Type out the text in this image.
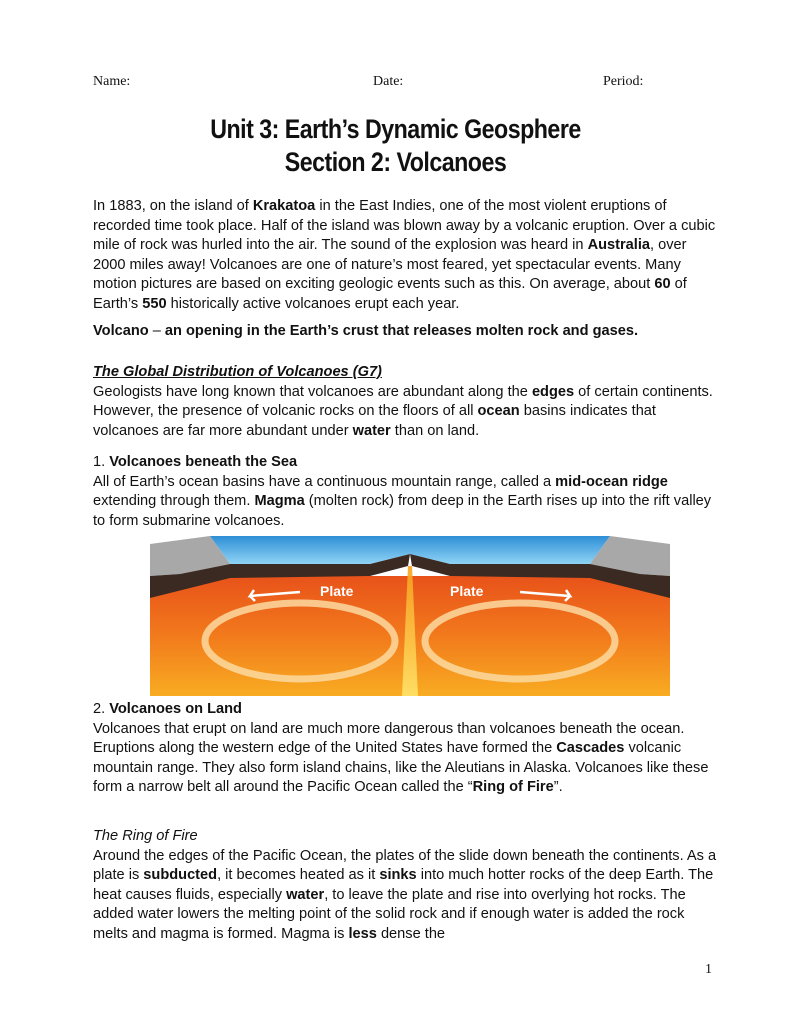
Name:	Date:	Period:
Unit 3: Earth’s Dynamic Geosphere
Section 2: Volcanoes

In 1883, on the island of Krakatoa in the East Indies, one of the most violent eruptions of recorded time took place. Half of the island was blown away by a volcanic eruption. Over a cubic mile of rock was hurled into the air. The sound of the explosion was heard in Australia, over 2000 miles away! Volcanoes are one of nature’s most feared, yet spectacular events. Many motion pictures are based on exciting geologic events such as this. On average, about 60 of Earth’s 550 historically active volcanoes erupt each year.

Volcano – an opening in the Earth’s crust that releases molten rock and gases.

The Global Distribution of Volcanoes (G7)

Geologists have long known that volcanoes are abundant along the edges of certain continents. However, the presence of volcanic rocks on the floors of all ocean basins indicates that volcanoes are far more abundant under water than on land.

1. Volcanoes beneath the Sea

All of Earth’s ocean basins have a continuous mountain range, called a mid-ocean ridge extending through them. Magma (molten rock) from deep in the Earth rises up into the rift valley to form submarine volcanoes.

Plate	Plate

2. Volcanoes on Land

Volcanoes that erupt on land are much more dangerous than volcanoes beneath the ocean. Eruptions along the western edge of the United States have formed the Cascades volcanic mountain range. They also form island chains, like the Aleutians in Alaska. Volcanoes like these form a narrow belt all around the Pacific Ocean called the “Ring of Fire”.

The Ring of Fire

Around the edges of the Pacific Ocean, the plates of the slide down beneath the continents. As a plate is subducted, it becomes heated as it sinks into much hotter rocks of the deep Earth. The heat causes fluids, especially water, to leave the plate and rise into overlying hot rocks. The added water lowers the melting point of the solid rock and if enough water is added the rock melts and magma is formed. Magma is less dense the

1
